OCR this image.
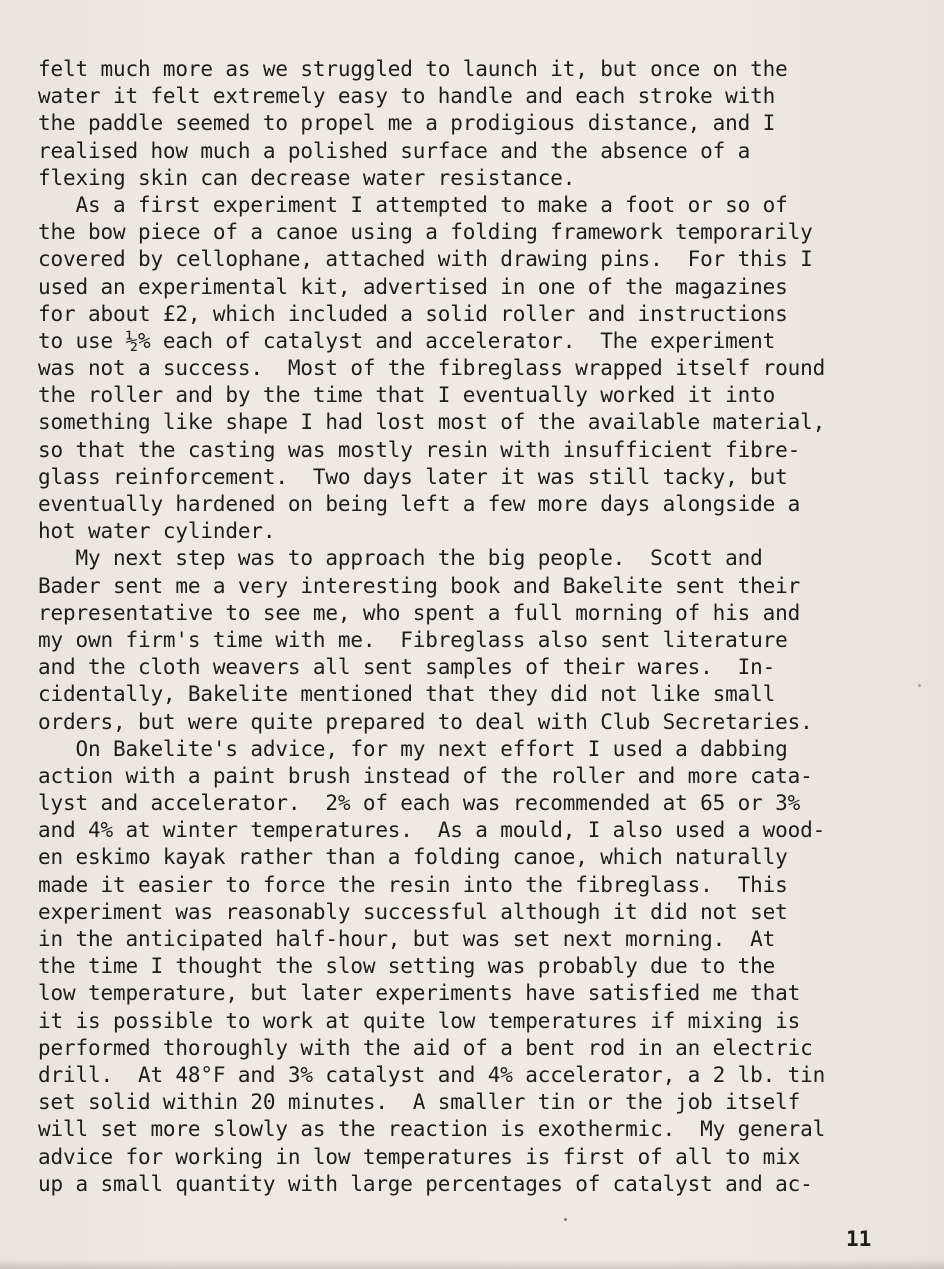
felt much more as we struggled to launch it, but once on the
water it felt extremely easy to handle and each stroke with
the paddle seemed to propel me a prodigious distance, and I
realised how much a polished surface and the absence of a
flexing skin can decrease water resistance.
As a first experiment I attempted to make a foot or so of
the bow piece of a canoe using a folding framework temporarily
covered by cellophane, attached with drawing pins.  For this I
used an experimental kit, advertised in one of the magazines
for about £2, which included a solid roller and instructions
to use ½% each of catalyst and accelerator.  The experiment
was not a success.  Most of the fibreglass wrapped itself round
the roller and by the time that I eventually worked it into
something like shape I had lost most of the available material,
so that the casting was mostly resin with insufficient fibre-
glass reinforcement.  Two days later it was still tacky, but
eventually hardened on being left a few more days alongside a
hot water cylinder.
My next step was to approach the big people.  Scott and
Bader sent me a very interesting book and Bakelite sent their
representative to see me, who spent a full morning of his and
my own firm's time with me.  Fibreglass also sent literature
and the cloth weavers all sent samples of their wares.  In-
cidentally, Bakelite mentioned that they did not like small
orders, but were quite prepared to deal with Club Secretaries.
On Bakelite's advice, for my next effort I used a dabbing
action with a paint brush instead of the roller and more cata-
lyst and accelerator.  2% of each was recommended at 65 or 3%
and 4% at winter temperatures.  As a mould, I also used a wood-
en eskimo kayak rather than a folding canoe, which naturally
made it easier to force the resin into the fibreglass.  This
experiment was reasonably successful although it did not set
in the anticipated half-hour, but was set next morning.  At
the time I thought the slow setting was probably due to the
low temperature, but later experiments have satisfied me that
it is possible to work at quite low temperatures if mixing is
performed thoroughly with the aid of a bent rod in an electric
drill.  At 48°F and 3% catalyst and 4% accelerator, a 2 lb. tin
set solid within 20 minutes.  A smaller tin or the job itself
will set more slowly as the reaction is exothermic.  My general
advice for working in low temperatures is first of all to mix
up a small quantity with large percentages of catalyst and ac-
11
